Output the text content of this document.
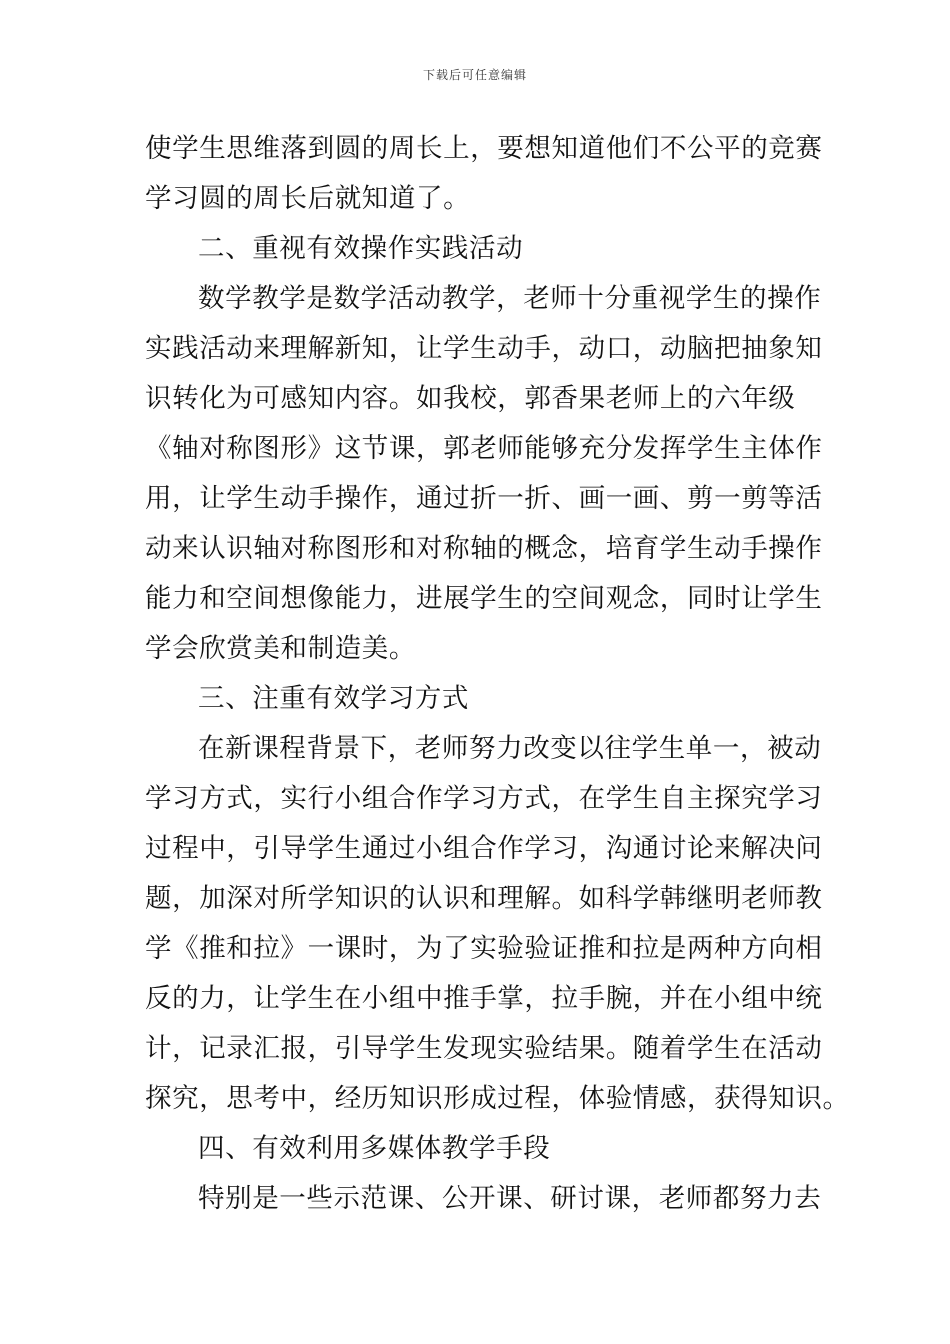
下载后可任意编辑
使学生思维落到圆的周长上，要想知道他们不公平的竞赛
学习圆的周长后就知道了。
二、重视有效操作实践活动
数学教学是数学活动教学，老师十分重视学生的操作
实践活动来理解新知，让学生动手，动口，动脑把抽象知
识转化为可感知内容。如我校，郭香果老师上的六年级
《轴对称图形》这节课，郭老师能够充分发挥学生主体作
用，让学生动手操作，通过折一折、画一画、剪一剪等活
动来认识轴对称图形和对称轴的概念，培育学生动手操作
能力和空间想像能力，进展学生的空间观念，同时让学生
学会欣赏美和制造美。
三、注重有效学习方式
在新课程背景下，老师努力改变以往学生单一，被动
学习方式，实行小组合作学习方式，在学生自主探究学习
过程中，引导学生通过小组合作学习，沟通讨论来解决问
题，加深对所学知识的认识和理解。如科学韩继明老师教
学《推和拉》一课时，为了实验验证推和拉是两种方向相
反的力，让学生在小组中推手掌，拉手腕，并在小组中统
计，记录汇报，引导学生发现实验结果。随着学生在活动
探究，思考中，经历知识形成过程，体验情感，获得知识。
四、有效利用多媒体教学手段
特别是一些示范课、公开课、研讨课，老师都努力去
